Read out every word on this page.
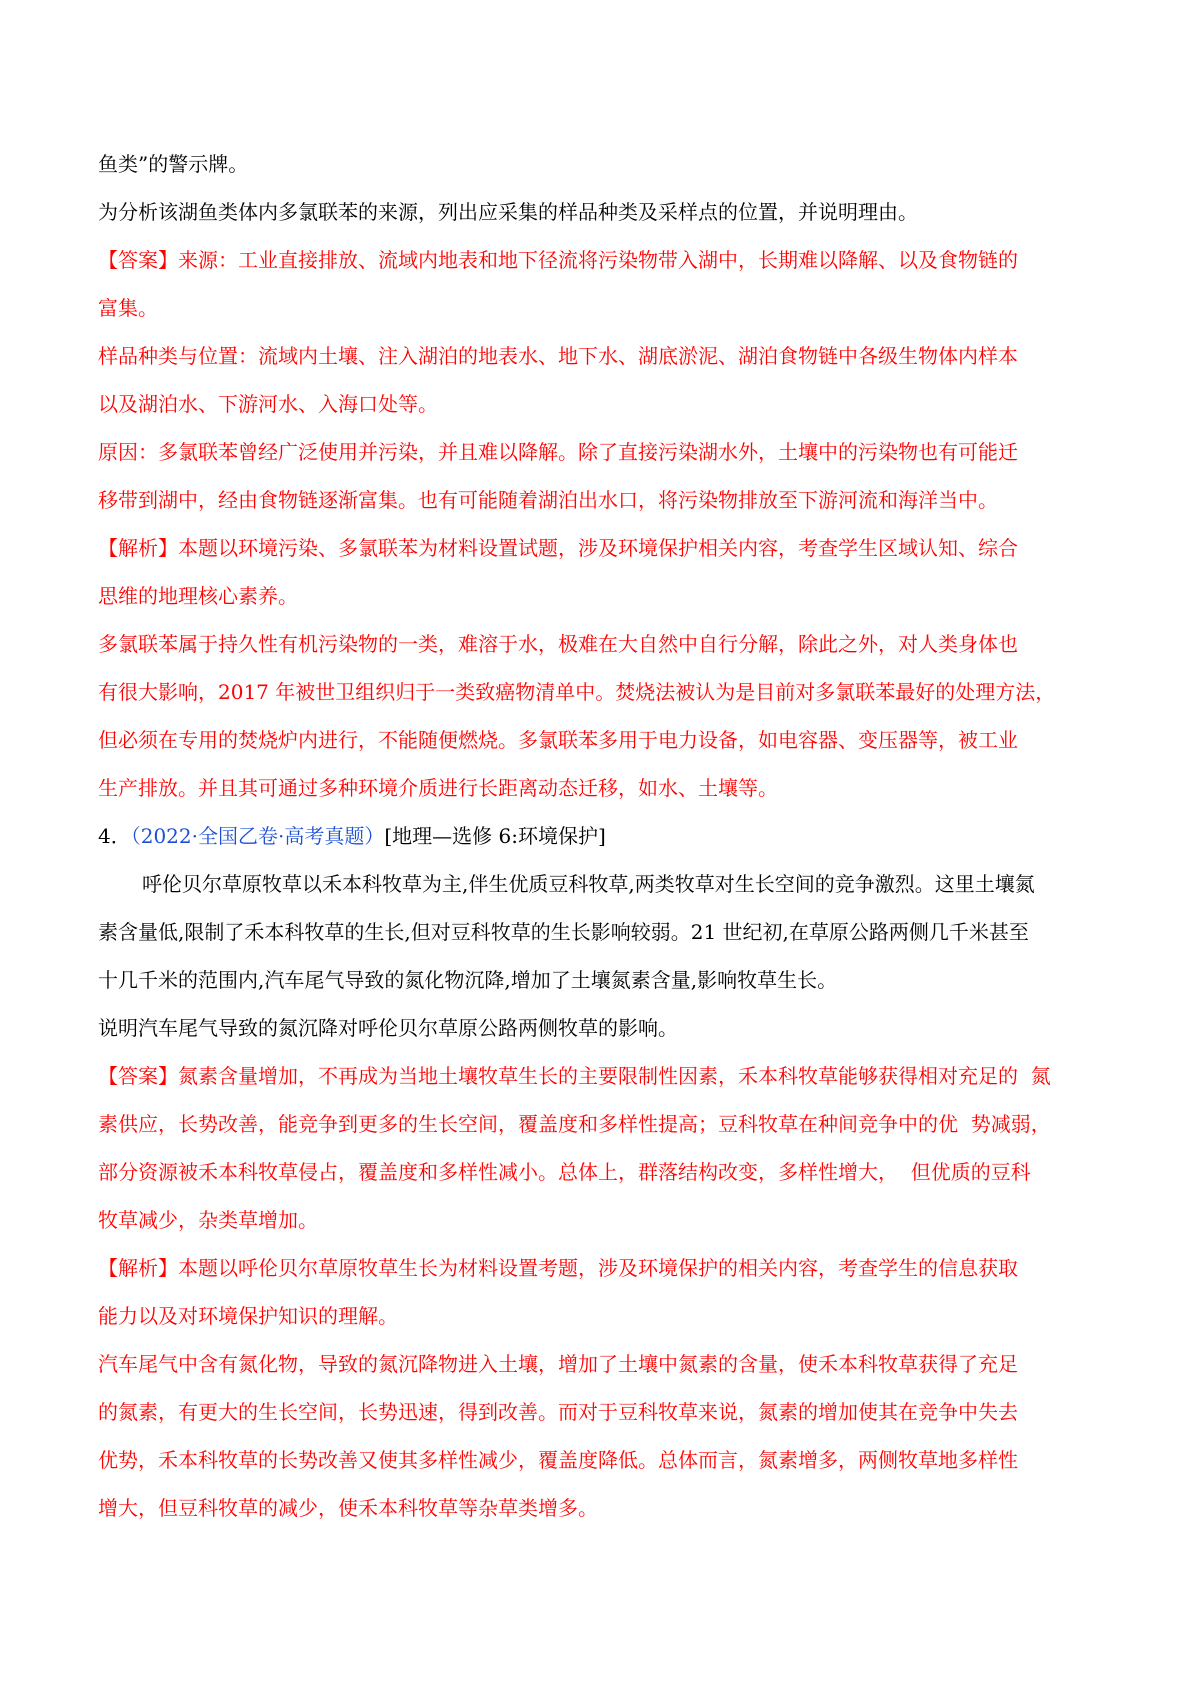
鱼类”的警示牌。
为分析该湖鱼类体内多氯联苯的来源，列出应采集的样品种类及采样点的位置，并说明理由。
【答案】来源：工业直接排放、流域内地表和地下径流将污染物带入湖中，长期难以降解、以及食物链的
富集。
样品种类与位置：流域内土壤、注入湖泊的地表水、地下水、湖底淤泥、湖泊食物链中各级生物体内样本
以及湖泊水、下游河水、入海口处等。
原因：多氯联苯曾经广泛使用并污染，并且难以降解。除了直接污染湖水外，土壤中的污染物也有可能迁
移带到湖中，经由食物链逐渐富集。也有可能随着湖泊出水口，将污染物排放至下游河流和海洋当中。
【解析】本题以环境污染、多氯联苯为材料设置试题，涉及环境保护相关内容，考查学生区域认知、综合
思维的地理核心素养。
多氯联苯属于持久性有机污染物的一类，难溶于水，极难在大自然中自行分解，除此之外，对人类身体也
有很大影响，2017 年被世卫组织归于一类致癌物清单中。焚烧法被认为是目前对多氯联苯最好的处理方法，
但必须在专用的焚烧炉内进行，不能随便燃烧。多氯联苯多用于电力设备，如电容器、变压器等，被工业
生产排放。并且其可通过多种环境介质进行长距离动态迁移，如水、土壤等。
4．（2022·全国乙卷·高考真题）[地理—选修 6:环境保护]
呼伦贝尔草原牧草以禾本科牧草为主,伴生优质豆科牧草,两类牧草对生长空间的竞争激烈。这里土壤氮
素含量低,限制了禾本科牧草的生长,但对豆科牧草的生长影响较弱。21 世纪初,在草原公路两侧几千米甚至
十几千米的范围内,汽车尾气导致的氮化物沉降,增加了土壤氮素含量,影响牧草生长。
说明汽车尾气导致的氮沉降对呼伦贝尔草原公路两侧牧草的影响。
【答案】氮素含量增加，不再成为当地土壤牧草生长的主要限制性因素，禾本科牧草能够获得相对充足的  氮
素供应，长势改善，能竞争到更多的生长空间，覆盖度和多样性提高；豆科牧草在种间竞争中的优  势减弱，
部分资源被禾本科牧草侵占，覆盖度和多样性减小。总体上，群落结构改变，多样性增大，  但优质的豆科
牧草减少，杂类草增加。
【解析】本题以呼伦贝尔草原牧草生长为材料设置考题，涉及环境保护的相关内容，考查学生的信息获取
能力以及对环境保护知识的理解。
汽车尾气中含有氮化物，导致的氮沉降物进入土壤，增加了土壤中氮素的含量，使禾本科牧草获得了充足
的氮素，有更大的生长空间，长势迅速，得到改善。而对于豆科牧草来说，氮素的增加使其在竞争中失去
优势，禾本科牧草的长势改善又使其多样性减少，覆盖度降低。总体而言，氮素增多，两侧牧草地多样性
增大，但豆科牧草的减少，使禾本科牧草等杂草类增多。
